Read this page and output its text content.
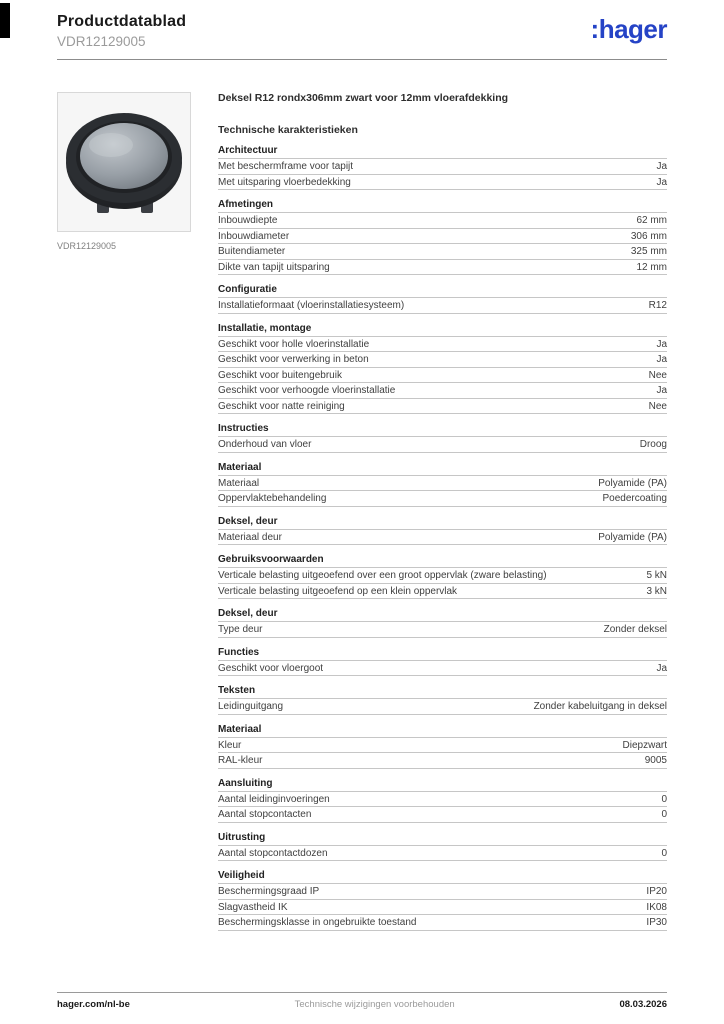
Productdatablad
VDR12129005	:hager
VDR12129005
Deksel R12 rondx306mm zwart voor 12mm vloerafdekking
Technische karakteristieken
Architectuur
Met beschermframe voor tapijt	Ja
Met uitsparing vloerbedekking	Ja
Afmetingen
Inbouwdiepte	62 mm
Inbouwdiameter	306 mm
Buitendiameter	325 mm
Dikte van tapijt uitsparing	12 mm
Configuratie
Installatieformaat (vloerinstallatiesysteem)	R12
Installatie, montage
Geschikt voor holle vloerinstallatie	Ja
Geschikt voor verwerking in beton	Ja
Geschikt voor buitengebruik	Nee
Geschikt voor verhoogde vloerinstallatie	Ja
Geschikt voor natte reiniging	Nee
Instructies
Onderhoud van vloer	Droog
Materiaal
Materiaal	Polyamide (PA)
Oppervlaktebehandeling	Poedercoating
Deksel, deur
Materiaal deur	Polyamide (PA)
Gebruiksvoorwaarden
Verticale belasting uitgeoefend over een groot oppervlak (zware belasting)	5 kN
Verticale belasting uitgeoefend op een klein oppervlak	3 kN
Deksel, deur
Type deur	Zonder deksel
Functies
Geschikt voor vloergoot	Ja
Teksten
Leidinguitgang	Zonder kabeluitgang in deksel
Materiaal
Kleur	Diepzwart
RAL-kleur	9005
Aansluiting
Aantal leidinginvoeringen	0
Aantal stopcontacten	0
Uitrusting
Aantal stopcontactdozen	0
Veiligheid
Beschermingsgraad IP	IP20
Slagvastheid IK	IK08
Beschermingsklasse in ongebruikte toestand	IP30
hager.com/nl-be	Technische wijzigingen voorbehouden	08.03.2026
